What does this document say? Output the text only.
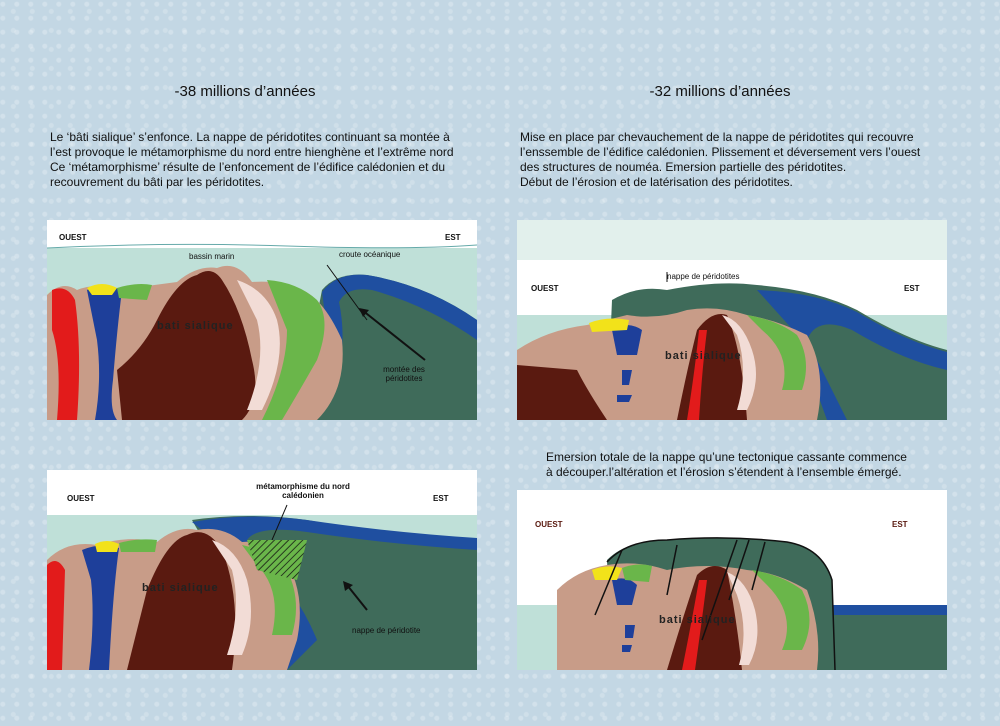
-38 millions d’années	-32 millions d’années
Le ‘bâti sialique’ s’enfonce. La nappe de péridotites continuant sa montée à
l’est provoque le métamorphisme du nord entre hienghène et l’extrême nord
Ce ‘métamorphisme’ résulte de l’enfoncement de l’édifice calédonien et du
recouvrement du bâti par les péridotites.
Mise en place par chevauchement de la nappe de péridotites qui recouvre
l’enssemble de l’édifice calédonien. Plissement et déversement vers l’ouest
des structures de nouméa. Emersion partielle des péridotites.
Début de l’érosion et de latérisation des péridotites.
Emersion totale de la nappe qu’une tectonique cassante commence
à découper.l’altération et l’érosion s’étendent à l’ensemble émergé.
OUEST	EST
bassin marin	croute océanique
montée des péridotites
bati sialique
OUEST	EST
métamorphisme du nord calédonien
nappe de péridotite
bati sialique
OUEST	EST
nappe de péridotites
bati sialique
OUEST	EST
bati sialique
